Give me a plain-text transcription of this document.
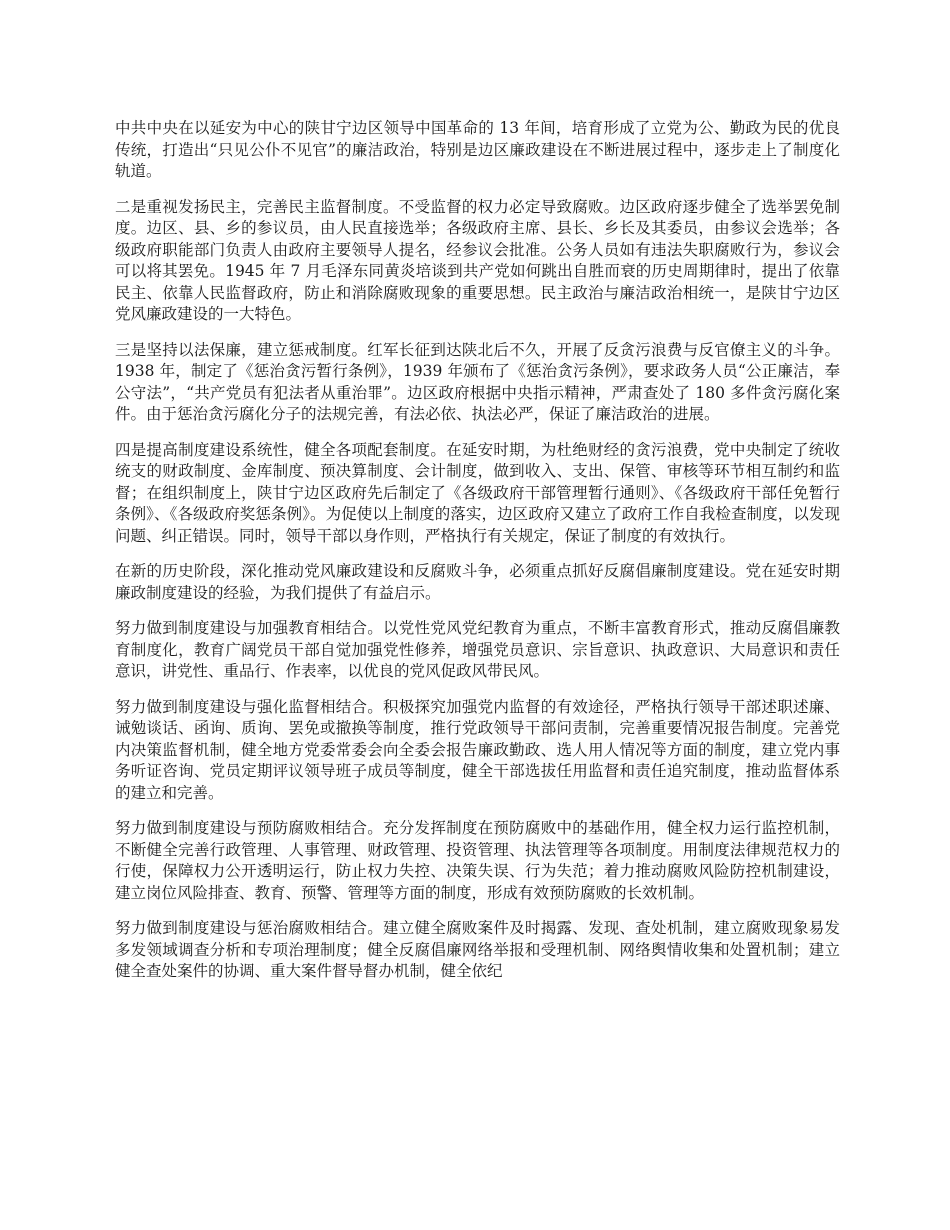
中共中央在以延安为中心的陕甘宁边区领导中国革命的 13 年间，培育形成了立党为公、勤政为民的优良传统，打造出“只见公仆不见官”的廉洁政治，特别是边区廉政建设在不断进展过程中，逐步走上了制度化轨道。

二是重视发扬民主，完善民主监督制度。不受监督的权力必定导致腐败。边区政府逐步健全了选举罢免制度。边区、县、乡的参议员，由人民直接选举；各级政府主席、县长、乡长及其委员，由参议会选举；各级政府职能部门负责人由政府主要领导人提名，经参议会批准。公务人员如有违法失职腐败行为，参议会可以将其罢免。1945 年 7 月毛泽东同黄炎培谈到共产党如何跳出自胜而衰的历史周期律时，提出了依靠民主、依靠人民监督政府，防止和消除腐败现象的重要思想。民主政治与廉洁政治相统一，是陕甘宁边区党风廉政建设的一大特色。

三是坚持以法保廉，建立惩戒制度。红军长征到达陕北后不久，开展了反贪污浪费与反官僚主义的斗争。1938 年，制定了《惩治贪污暂行条例》，1939 年颁布了《惩治贪污条例》，要求政务人员“公正廉洁，奉公守法”，“共产党员有犯法者从重治罪”。边区政府根据中央指示精神，严肃查处了 180 多件贪污腐化案件。由于惩治贪污腐化分子的法规完善，有法必依、执法必严，保证了廉洁政治的进展。

四是提高制度建设系统性，健全各项配套制度。在延安时期，为杜绝财经的贪污浪费，党中央制定了统收统支的财政制度、金库制度、预决算制度、会计制度，做到收入、支出、保管、审核等环节相互制约和监督；在组织制度上，陕甘宁边区政府先后制定了《各级政府干部管理暂行通则》、《各级政府干部任免暂行条例》、《各级政府奖惩条例》。为促使以上制度的落实，边区政府又建立了政府工作自我检查制度，以发现问题、纠正错误。同时，领导干部以身作则，严格执行有关规定，保证了制度的有效执行。

在新的历史阶段，深化推动党风廉政建设和反腐败斗争，必须重点抓好反腐倡廉制度建设。党在延安时期廉政制度建设的经验，为我们提供了有益启示。

努力做到制度建设与加强教育相结合。以党性党风党纪教育为重点，不断丰富教育形式，推动反腐倡廉教育制度化，教育广阔党员干部自觉加强党性修养，增强党员意识、宗旨意识、执政意识、大局意识和责任意识，讲党性、重品行、作表率，以优良的党风促政风带民风。

努力做到制度建设与强化监督相结合。积极探究加强党内监督的有效途径，严格执行领导干部述职述廉、诫勉谈话、函询、质询、罢免或撤换等制度，推行党政领导干部问责制，完善重要情况报告制度。完善党内决策监督机制，健全地方党委常委会向全委会报告廉政勤政、选人用人情况等方面的制度，建立党内事务听证咨询、党员定期评议领导班子成员等制度，健全干部选拔任用监督和责任追究制度，推动监督体系的建立和完善。

努力做到制度建设与预防腐败相结合。充分发挥制度在预防腐败中的基础作用，健全权力运行监控机制，不断健全完善行政管理、人事管理、财政管理、投资管理、执法管理等各项制度。用制度法律规范权力的行使，保障权力公开透明运行，防止权力失控、决策失误、行为失范；着力推动腐败风险防控机制建设，建立岗位风险排查、教育、预警、管理等方面的制度，形成有效预防腐败的长效机制。

努力做到制度建设与惩治腐败相结合。建立健全腐败案件及时揭露、发现、查处机制，建立腐败现象易发多发领域调查分析和专项治理制度；健全反腐倡廉网络举报和受理机制、网络舆情收集和处置机制；建立健全查处案件的协调、重大案件督导督办机制，健全依纪
